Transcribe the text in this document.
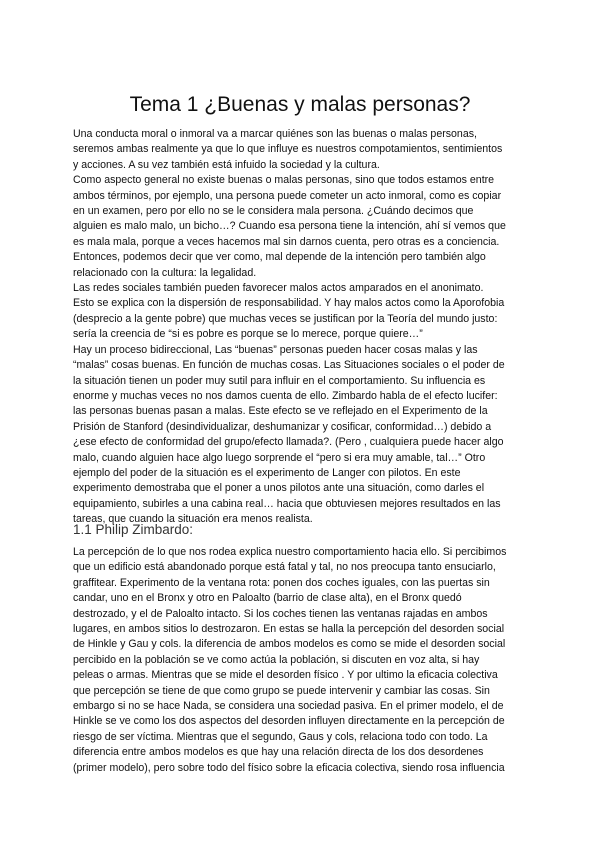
Tema 1 ¿Buenas y malas personas?
Una conducta moral o inmoral va a marcar quiénes son las buenas o malas personas,
seremos ambas realmente ya que lo que influye es nuestros compotamientos, sentimientos
y acciones. A su vez también está infuido la sociedad y la cultura.
Como aspecto general no existe buenas o malas personas, sino que todos estamos entre
ambos términos, por ejemplo, una persona puede cometer un acto inmoral, como es copiar
en un examen, pero por ello no se le considera mala persona. ¿Cuándo decimos que
alguien es malo malo, un bicho…? Cuando esa persona tiene la intención, ahí sí vemos que
es mala mala, porque a veces hacemos mal sin darnos cuenta, pero otras es a conciencia.
Entonces, podemos decir que ver como, mal depende de la intención pero también algo
relacionado con la cultura: la legalidad.
Las redes sociales también pueden favorecer malos actos amparados en el anonimato.
Esto se explica con la dispersión de responsabilidad. Y hay malos actos como la Aporofobia
(desprecio a la gente pobre) que muchas veces se justifican por la Teoría del mundo justo:
sería la creencia de “si es pobre es porque se lo merece, porque quiere…”
Hay un proceso bidireccional, Las “buenas” personas pueden hacer cosas malas y las
“malas” cosas buenas. En función de muchas cosas. Las Situaciones sociales o el poder de
la situación tienen un poder muy sutil para influir en el comportamiento. Su influencia es
enorme y muchas veces no nos damos cuenta de ello. Zimbardo habla de el efecto lucifer:
las personas buenas pasan a malas. Este efecto se ve reflejado en el Experimento de la
Prisión de Stanford (desindividualizar, deshumanizar y cosificar, conformidad…) debido a
¿ese efecto de conformidad del grupo/efecto llamada?. (Pero , cualquiera puede hacer algo
malo, cuando alguien hace algo luego sorprende el “pero si era muy amable, tal…” Otro
ejemplo del poder de la situación es el experimento de Langer con pilotos. En este
experimento demostraba que el poner a unos pilotos ante una situación, como darles el
equipamiento, subirles a una cabina real… hacia que obtuviesen mejores resultados en las
tareas, que cuando la situación era menos realista.
1.1 Philip Zimbardo:
La percepción de lo que nos rodea explica nuestro comportamiento hacia ello. Si percibimos
que un edificio está abandonado porque está fatal y tal, no nos preocupa tanto ensuciarlo,
graffitear. Experimento de la ventana rota: ponen dos coches iguales, con las puertas sin
candar, uno en el Bronx y otro en Paloalto (barrio de clase alta), en el Bronx quedó
destrozado, y el de Paloalto intacto. Si los coches tienen las ventanas rajadas en ambos
lugares, en ambos sitios lo destrozaron. En estas se halla la percepción del desorden social
de Hinkle y Gau y cols. la diferencia de ambos modelos es como se mide el desorden social
percibido en la población se ve como actúa la población, si discuten en voz alta, si hay
peleas o armas. Mientras que se mide el desorden físico . Y por ultimo la eficacia colectiva
que percepción se tiene de que como grupo se puede intervenir y cambiar las cosas. Sin
embargo si no se hace Nada, se considera una sociedad pasiva. En el primer modelo, el de
Hinkle se ve como los dos aspectos del desorden influyen directamente en la percepción de
riesgo de ser víctima. Mientras que el segundo, Gaus y cols, relaciona todo con todo. La
diferencia entre ambos modelos es que hay una relación directa de los dos desordenes
(primer modelo), pero sobre todo del físico sobre la eficacia colectiva, siendo rosa influencia
